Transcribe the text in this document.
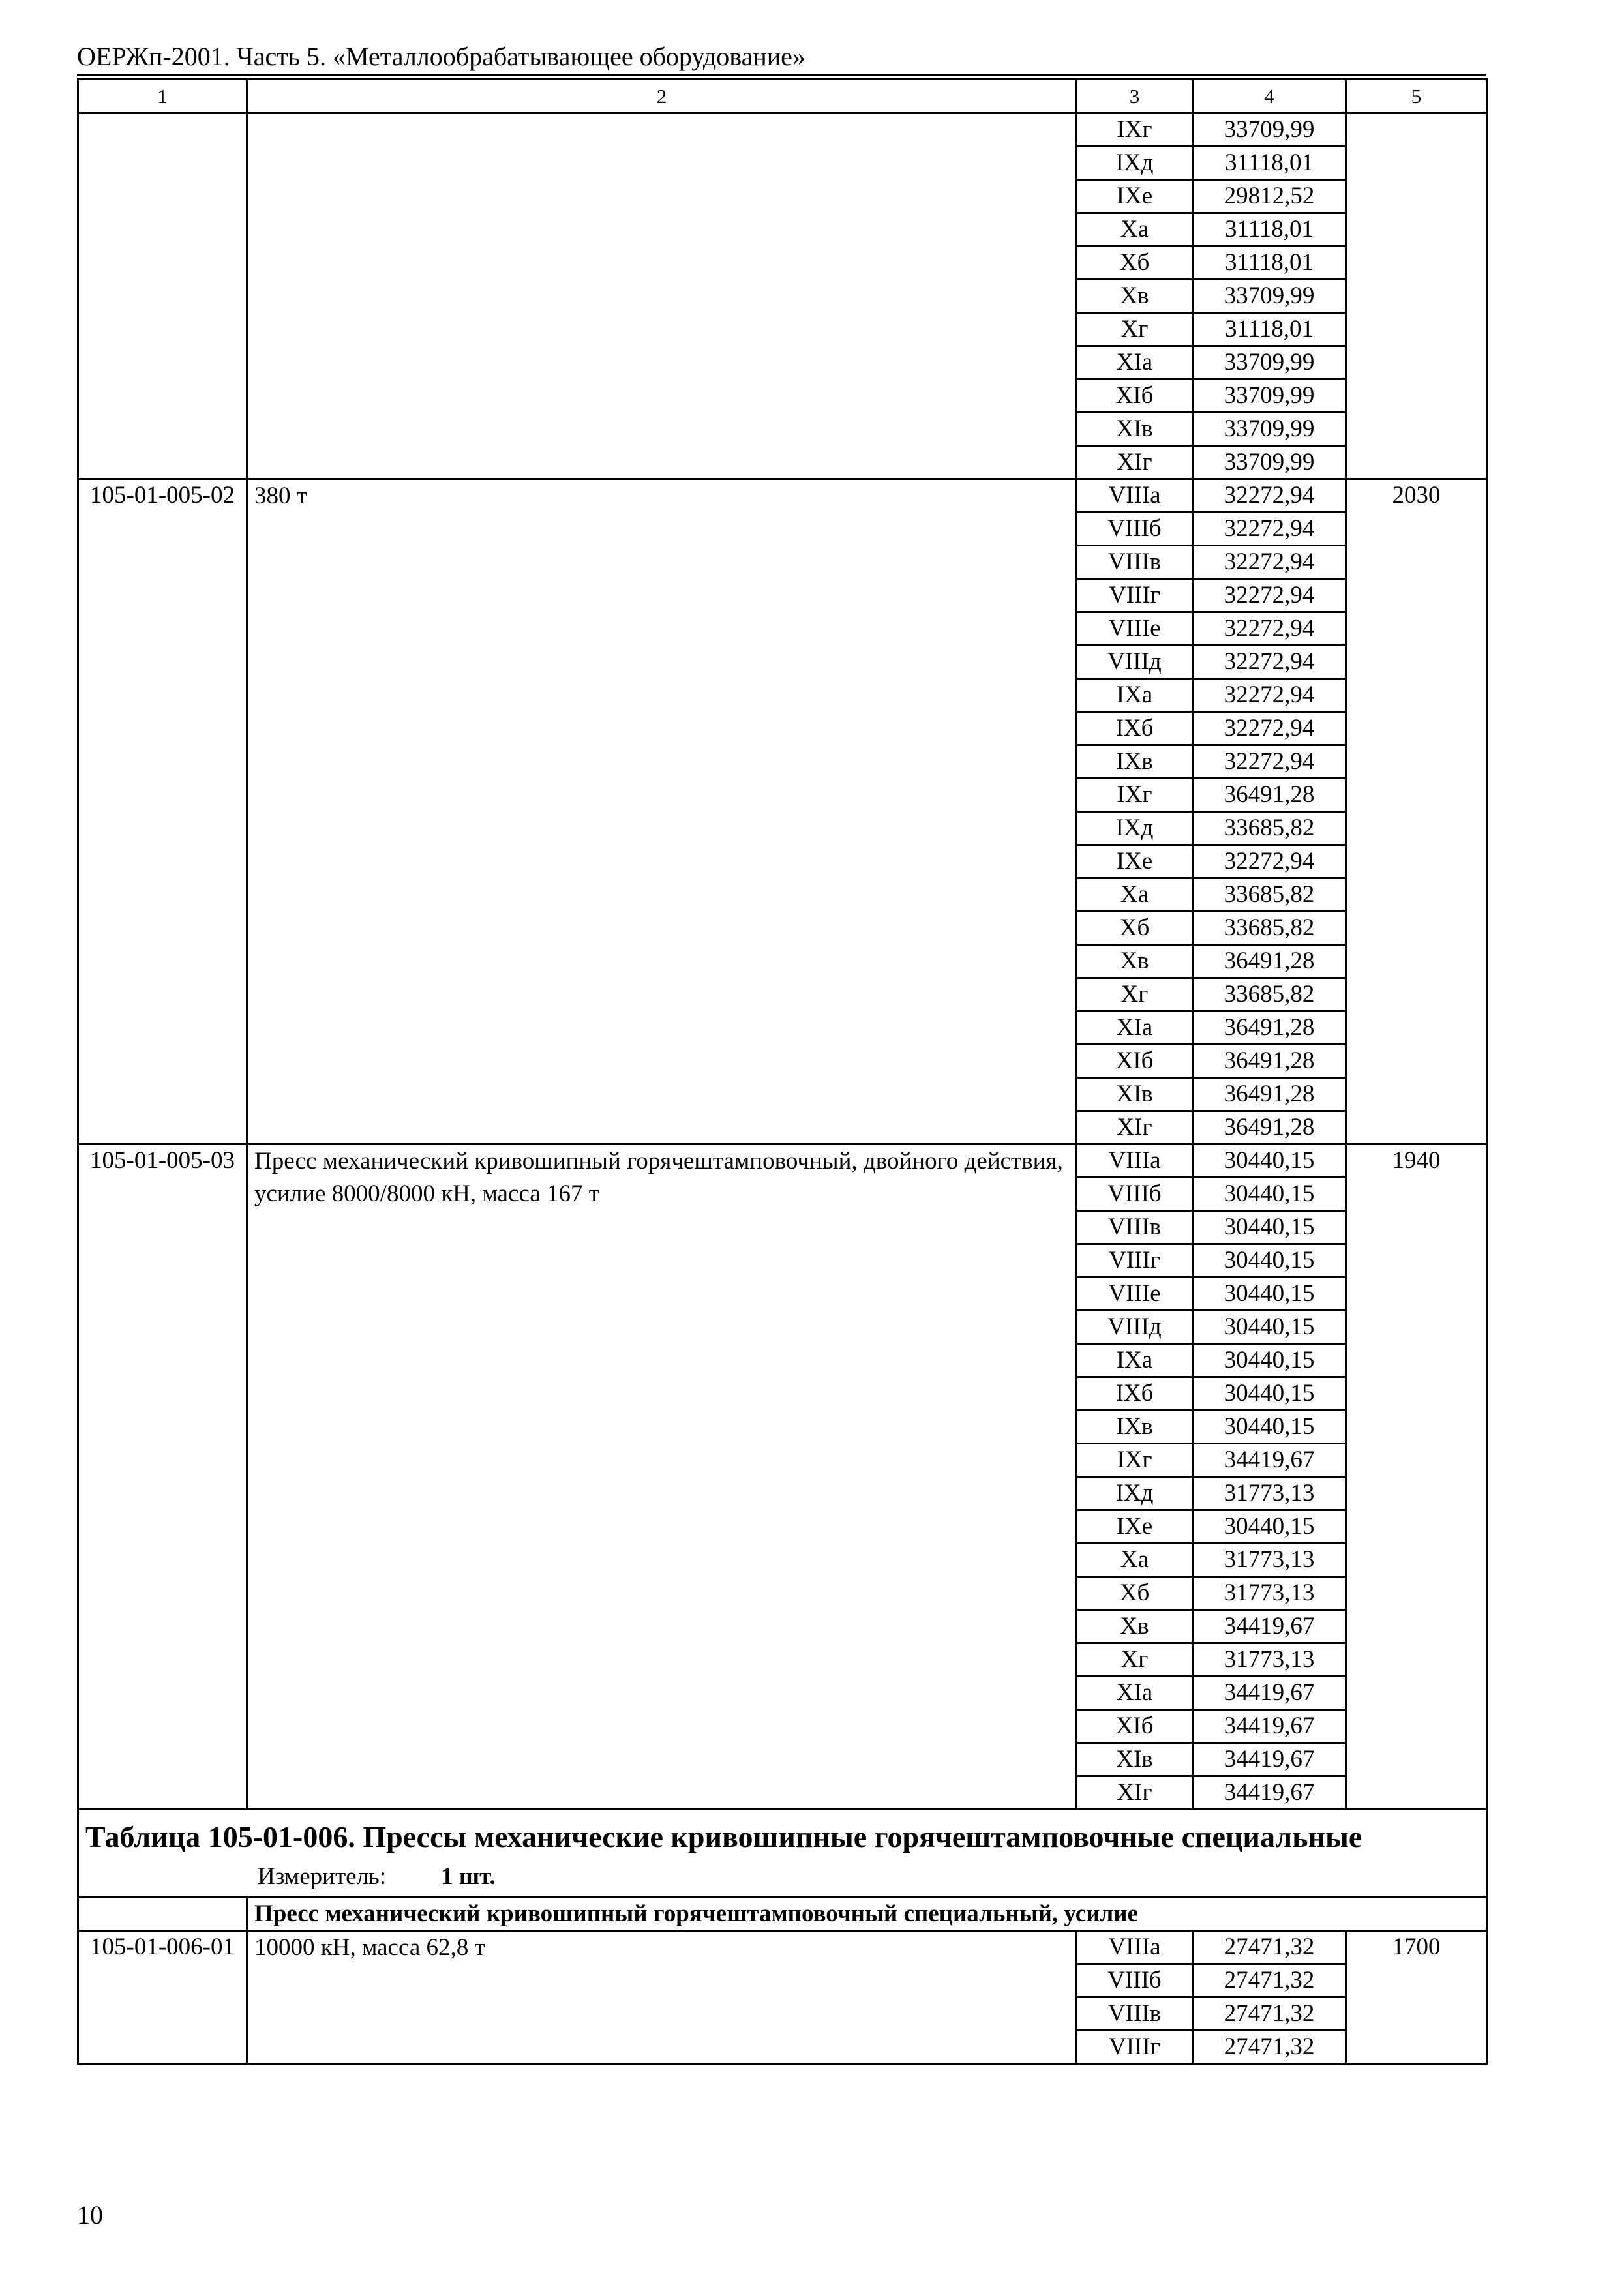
ОЕРЖп-2001. Часть 5. «Металлообрабатывающее оборудование»
1	2	3	4	5
		IXг	33709,99	
		IXд	31118,01	
		IXе	29812,52	
		Xа	31118,01	
		Xб	31118,01	
		Xв	33709,99	
		Xг	31118,01	
		XIа	33709,99	
		XIб	33709,99	
		XIв	33709,99	
		XIг	33709,99	
105-01-005-02	380 т	VIIIа	32272,94	2030
		VIIIб	32272,94	
		VIIIв	32272,94	
		VIIIг	32272,94	
		VIIIе	32272,94	
		VIIIд	32272,94	
		IXа	32272,94	
		IXб	32272,94	
		IXв	32272,94	
		IXг	36491,28	
		IXд	33685,82	
		IXе	32272,94	
		Xа	33685,82	
		Xб	33685,82	
		Xв	36491,28	
		Xг	33685,82	
		XIа	36491,28	
		XIб	36491,28	
		XIв	36491,28	
		XIг	36491,28	
105-01-005-03	Пресс механический кривошипный горячештамповочный, двойного действия, усилие 8000/8000 кН, масса 167 т	VIIIа	30440,15	1940
		VIIIб	30440,15	
		VIIIв	30440,15	
		VIIIг	30440,15	
		VIIIе	30440,15	
		VIIIд	30440,15	
		IXа	30440,15	
		IXб	30440,15	
		IXв	30440,15	
		IXг	34419,67	
		IXд	31773,13	
		IXе	30440,15	
		Xа	31773,13	
		Xб	31773,13	
		Xв	34419,67	
		Xг	31773,13	
		XIа	34419,67	
		XIб	34419,67	
		XIв	34419,67	
		XIг	34419,67	

Таблица 105-01-006. Прессы механические кривошипные горячештамповочные специальные
Измеритель: 1 шт.				

	Пресс механический кривошипный горячештамповочный специальный, усилие			
105-01-006-01	10000 кН, масса 62,8 т	VIIIа	27471,32	1700
		VIIIб	27471,32	
		VIIIв	27471,32	
		VIIIг	27471,32	
10
